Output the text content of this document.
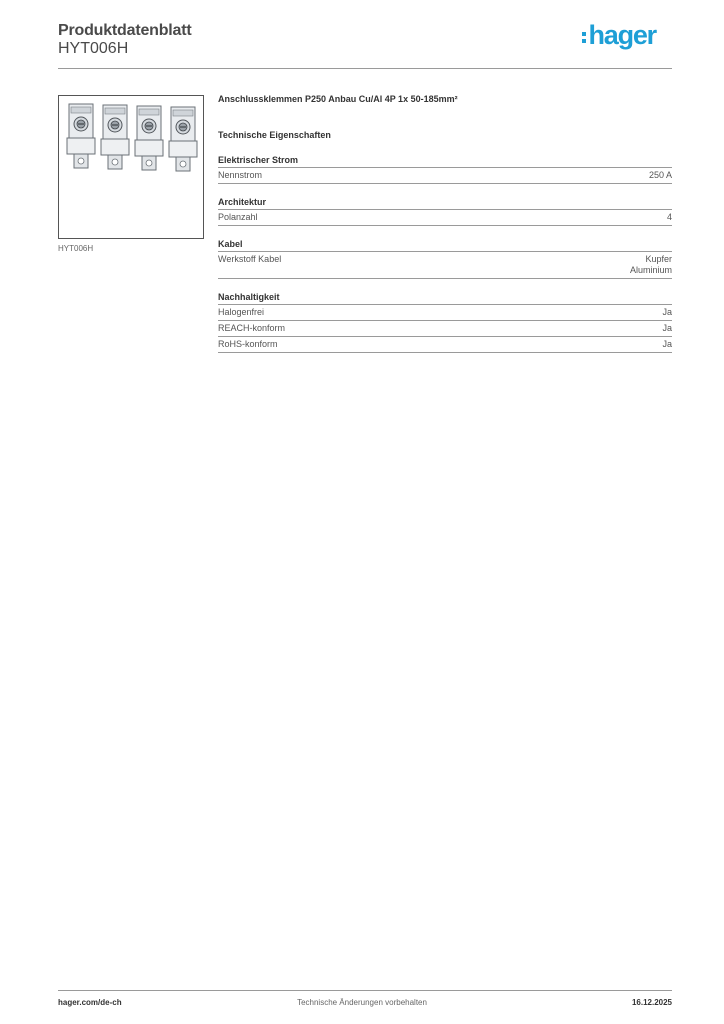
Produktdatenblatt
HYT006H	hager
HYT006H
Anschlussklemmen P250 Anbau Cu/Al 4P 1x 50-185mm²
Technische Eigenschaften
Elektrischer Strom
Nennstrom	250 A
Architektur
Polanzahl	4
Kabel
Werkstoff Kabel	Kupfer
Aluminium
Nachhaltigkeit
Halogenfrei	Ja
REACH-konform	Ja
RoHS-konform	Ja
hager.com/de-ch	Technische Änderungen vorbehalten	16.12.2025
